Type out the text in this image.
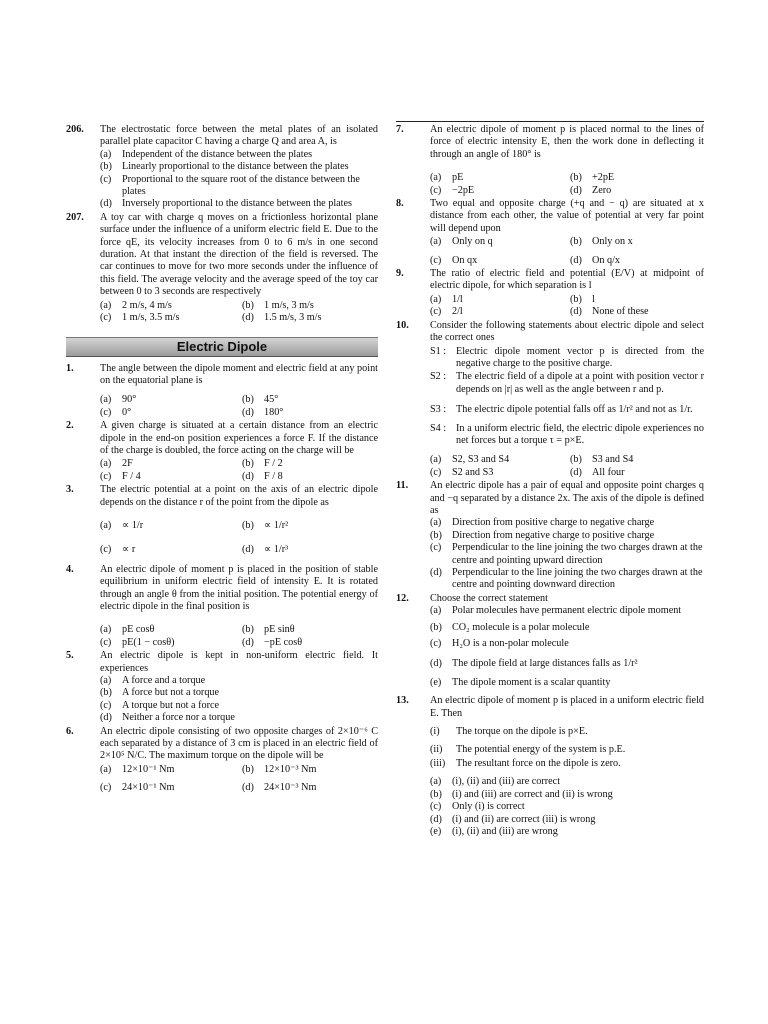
206. The electrostatic force between the metal plates of an isolated parallel plate capacitor C having a charge Q and area A, is
(a)	Independent of the distance between the plates
(b) Linearly proportional to the distance between the plates
(c)	Proportional to the square root of the distance between the plates
(d) Inversely proportional to the distance between the plates
207. A toy car with charge q moves on a frictionless horizontal plane surface under the influence of a uniform electric field E. Due to the force qE, its velocity increases from 0 to 6 m/s in one second duration. At that instant the direction of the field is reversed. The car continues to move for two more seconds under the influence of this field. The average velocity and the average speed of the toy car between 0 to 3 seconds are respectively
(a)	2 m/s, 4 m/s	(b) 1 m/s, 3 m/s
(c)	1 m/s, 3.5 m/s	(d) 1.5 m/s, 3 m/s
Electric Dipole
1.	The angle between the dipole moment and electric field at any point on the equatorial plane is
(a)	90°	(b) 45°
(c)	0°	(d) 180°
2.	A given charge is situated at a certain distance from an electric dipole in the end-on position experiences a force F. If the distance of the charge is doubled, the force acting on the charge will be
(a)	2F	(b) F / 2
(c)	F / 4	(d) F / 8
3.	The electric potential at a point on the axis of an electric dipole depends on the distance r of the point from the dipole as
(a)	∝ 1/r	(b) ∝ 1/r²
(c)	∝ r	(d) ∝ 1/r³
4.	An electric dipole of moment p is placed in the position of stable equilibrium in uniform electric field of intensity E. It is rotated through an angle θ from the initial position. The potential energy of electric dipole in the final position is
(a)	pE cosθ	(b) pE sinθ
(c)	pE(1 − cosθ)	(d) −pE cosθ
5.	An electric dipole is kept in non-uniform electric field. It experiences
(a)	A force and a torque
(b) A force but not a torque
(c)	A torque but not a force
(d) Neither a force nor a torque
6.	An electric dipole consisting of two opposite charges of 2×10⁻⁶ C each separated by a distance of 3 cm is placed in an electric field of 2×10⁵ N/C. The maximum torque on the dipole will be
(a)	12×10⁻¹ Nm	(b) 12×10⁻³ Nm
(c)	24×10⁻¹ Nm	(d) 24×10⁻³ Nm
7.	An electric dipole of moment p is placed normal to the lines of force of electric intensity E, then the work done in deflecting it through an angle of 180° is
(a)	pE	(b) +2pE
(c)	−2pE	(d) Zero
8.	Two equal and opposite charge (+q and − q) are situated at x distance from each other, the value of potential at very far point will depend upon
(a)	Only on q	(b) Only on x
(c)	On qx	(d) On q/x
9.	The ratio of electric field and potential (E/V) at midpoint of electric dipole, for which separation is l
(a)	1/l	(b) l
(c)	2/l	(d) None of these
10. Consider the following statements about electric dipole and select the correct ones
S1 : Electric dipole moment vector p is directed from the negative charge to the positive charge.
S2 : The electric field of a dipole at a point with position vector r depends on |r| as well as the angle between r and p.
S3 : The electric dipole potential falls off as 1/r² and not as 1/r.
S4 : In a uniform electric field, the electric dipole experiences no net forces but a torque τ = p×E.
(a)	S2, S3 and S4	(b) S3 and S4
(c)	S2 and S3	(d) All four
11. An electric dipole has a pair of equal and opposite point charges q and −q separated by a distance 2x. The axis of the dipole is defined as
(a)	Direction from positive charge to negative charge
(b) Direction from negative charge to positive charge
(c)	Perpendicular to the line joining the two charges drawn at the centre and pointing upward direction
(d) Perpendicular to the line joining the two charges drawn at the centre and pointing downward direction
12. Choose the correct statement
(a)	Polar molecules have permanent electric dipole moment
(b) CO₂ molecule is a polar molecule
(c)	H₂O is a non-polar molecule
(d) The dipole field at large distances falls as 1/r²
(e)	The dipole moment is a scalar quantity
13. An electric dipole of moment p is placed in a uniform electric field E. Then
(i)	The torque on the dipole is p×E.
(ii)	The potential energy of the system is p.E.
(iii)	The resultant force on the dipole is zero.
(a)	(i), (ii) and (iii) are correct
(b) (i) and (iii) are correct and (ii) is wrong
(c)	Only (i) is correct
(d) (i) and (ii) are correct (iii) is wrong
(e)	(i), (ii) and (iii) are wrong
